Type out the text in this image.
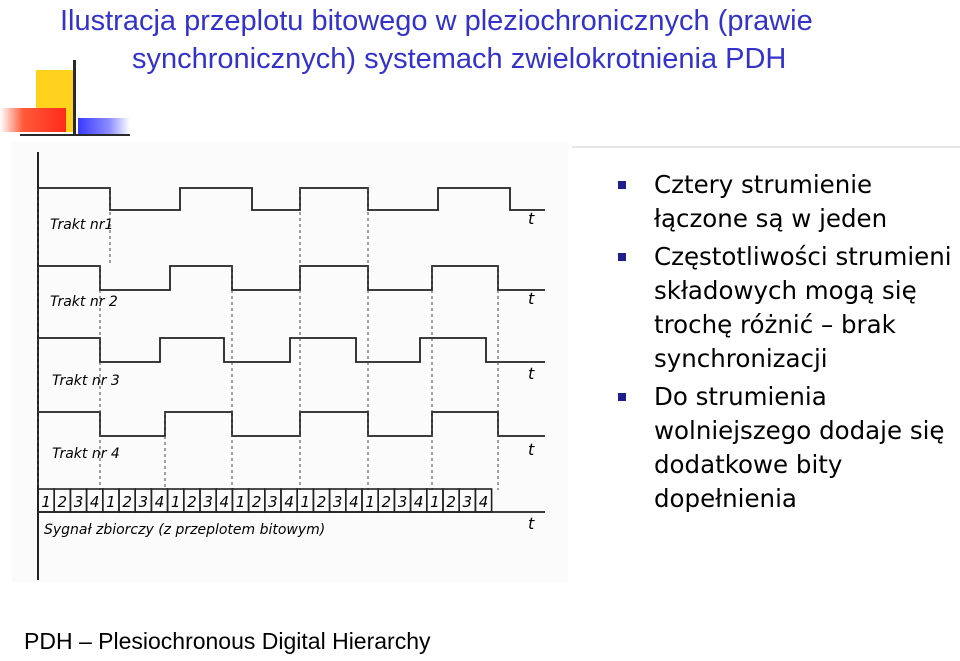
Ilustracja przeplotu bitowego w pleziochronicznych (prawie
synchronicznych) systemach zwielokrotnienia PDH
Trakt nr1	t
Trakt nr 2	t
Trakt nr 3	t
Trakt nr 4	t
1 2 3 4 1 2 3 4 1 2 3 4 1 2 3 4 1 2 3 4 1 2 3 4 1 2 3 4
Sygnał zbiorczy (z przeplotem bitowym)	t
Cztery strumienie łączone są w jeden
Częstotliwości strumieni składowych mogą się trochę różnić – brak synchronizacji
Do strumienia wolniejszego dodaje się dodatkowe bity dopełnienia
PDH – Plesiochronous Digital Hierarchy
